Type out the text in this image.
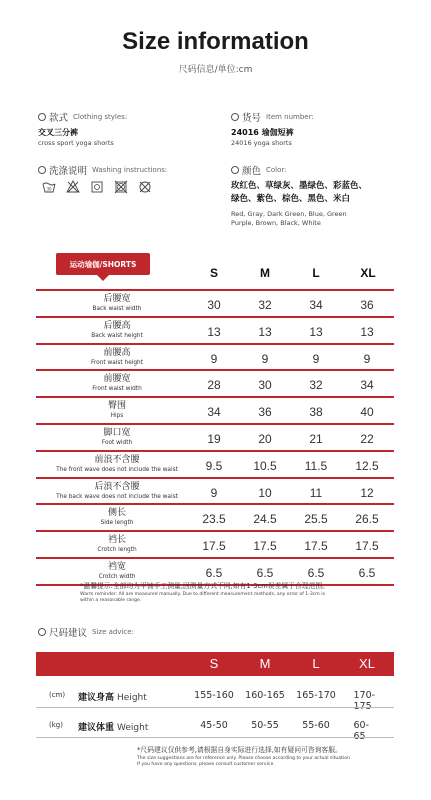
Size information
尺码信息/单位:cm
款式 Clothing styles:
交叉三分裤
cross sport yoga shorts
货号 Item number:
24016 瑜伽短裤
24016 yoga shorts
洗涤说明 Washing instructions:
30
颜色 Color:
玫红色、草绿灰、墨绿色、彩蓝色、
绿色、紫色、棕色、黑色、米白
Red, Gray, Dark Green, Blue, Green
Purple, Brown, Black, White
运动瑜伽/SHORTS
S	M	L	XL
后腰宽
Back waist width	30	32	34	36
后腰高
Back waist height	13	13	13	13
前腰高
Front waist height	9	9	9	9
前腰宽
Front waist width	28	30	32	34
臀围
Hips	34	36	38	40
脚口宽
Foot width	19	20	21	22
前浪不含腰
The front wave does not include the waist	9.5	10.5 11.5 12.5
后浪不含腰
The back wave does not include the waist	9	10	11	12
侧长
Side length	23.5 24.5 25.5 26.5
裆长
Crotch length	17.5 17.5 17.5 17.5
裆宽
Crotch width	6.5	6.5	6.5	6.5
*温馨提示:全部均为平铺手工测量,因测量方式不同,如有1-3cm误差属于合理范围。
Warm reminder: All are measured manually. Due to different measurement methods, any error of 1-3cm is
within a reasonable range.
尺码建议 Size advice:
S	M	L	XL
(cm) 建议身高 Height	155-160 160-165 165-170 170-175
(kg) 建议体重 Weight	45-50 50-55 55-60 60-65
*尺码建议仅供参考,请根据自身实际进行选择,如有疑问可咨询客服。
The size suggestions are for reference only. Please choose according to your actual situation
If you have any questions, please consult customer service.
